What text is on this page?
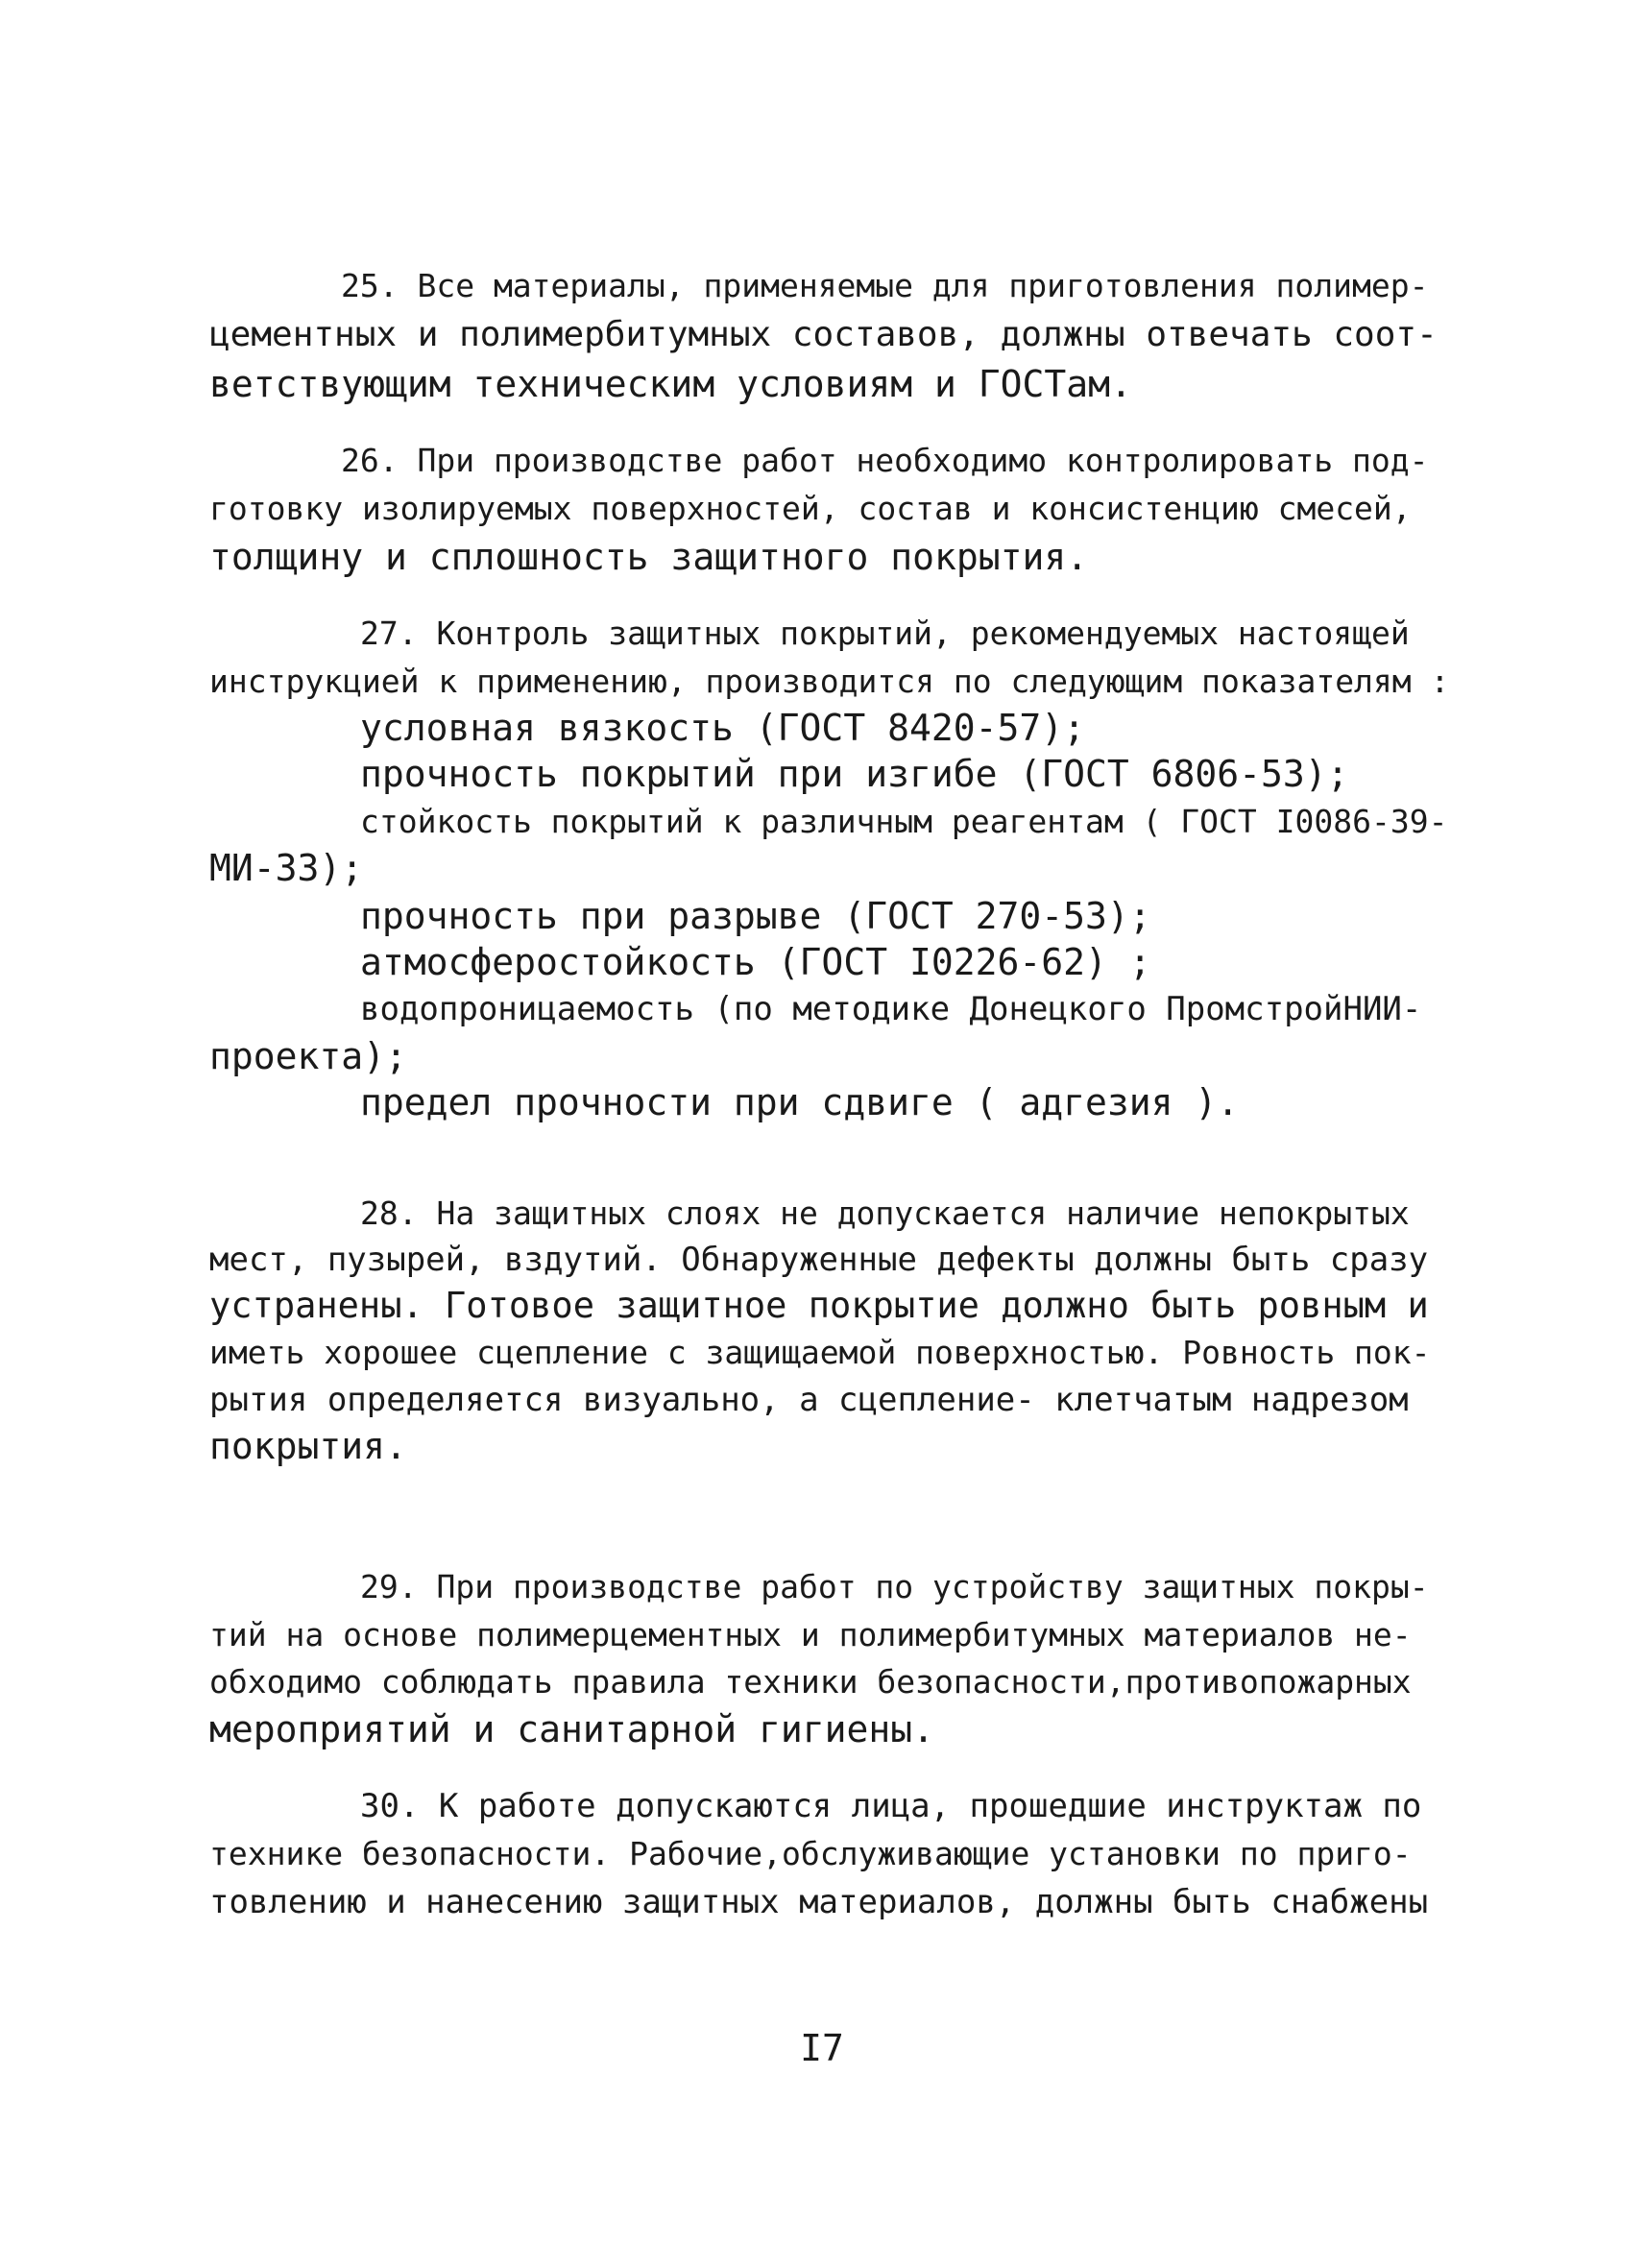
25. Все материалы, применяемые для приготовления полимер-
цементных и полимербитумных составов, должны отвечать соот-
ветствующим техническим условиям и ГОСТам.
26. При производстве работ необходимо контролировать под-
готовку изолируемых поверхностей, состав и консистенцию смесей,
толщину и сплошность защитного покрытия.
27. Контроль защитных покрытий, рекомендуемых настоящей
инструкцией к применению, производится по следующим показателям :
условная вязкость (ГОСТ 8420-57);
прочность покрытий при изгибе (ГОСТ 6806-53);
стойкость покрытий к различным реагентам ( ГОСТ I0086-39-
МИ-33);
прочность при разрыве (ГОСТ 270-53);
атмосферостойкость (ГОСТ I0226-62) ;
водопроницаемость (по методике Донецкого ПромстройНИИ-
проекта);
предел прочности при сдвиге ( адгезия ).
28. На защитных слоях не допускается наличие непокрытых
мест, пузырей, вздутий. Обнаруженные дефекты должны быть сразу
устранены. Готовое защитное покрытие должно быть ровным и
иметь хорошее сцепление с защищаемой поверхностью. Ровность пок-
рытия определяется визуально, а сцепление- клетчатым надрезом
покрытия.

29. При производстве работ по устройству защитных покры-
тий на основе полимерцементных и полимербитумных материалов не-
обходимо соблюдать правила техники безопасности,противопожарных
мероприятий и санитарной гигиены.
30. К работе допускаются лица, прошедшие инструктаж по
технике безопасности. Рабочие,обслуживающие установки по приго-
товлению и нанесению защитных материалов, должны быть снабжены
I7
